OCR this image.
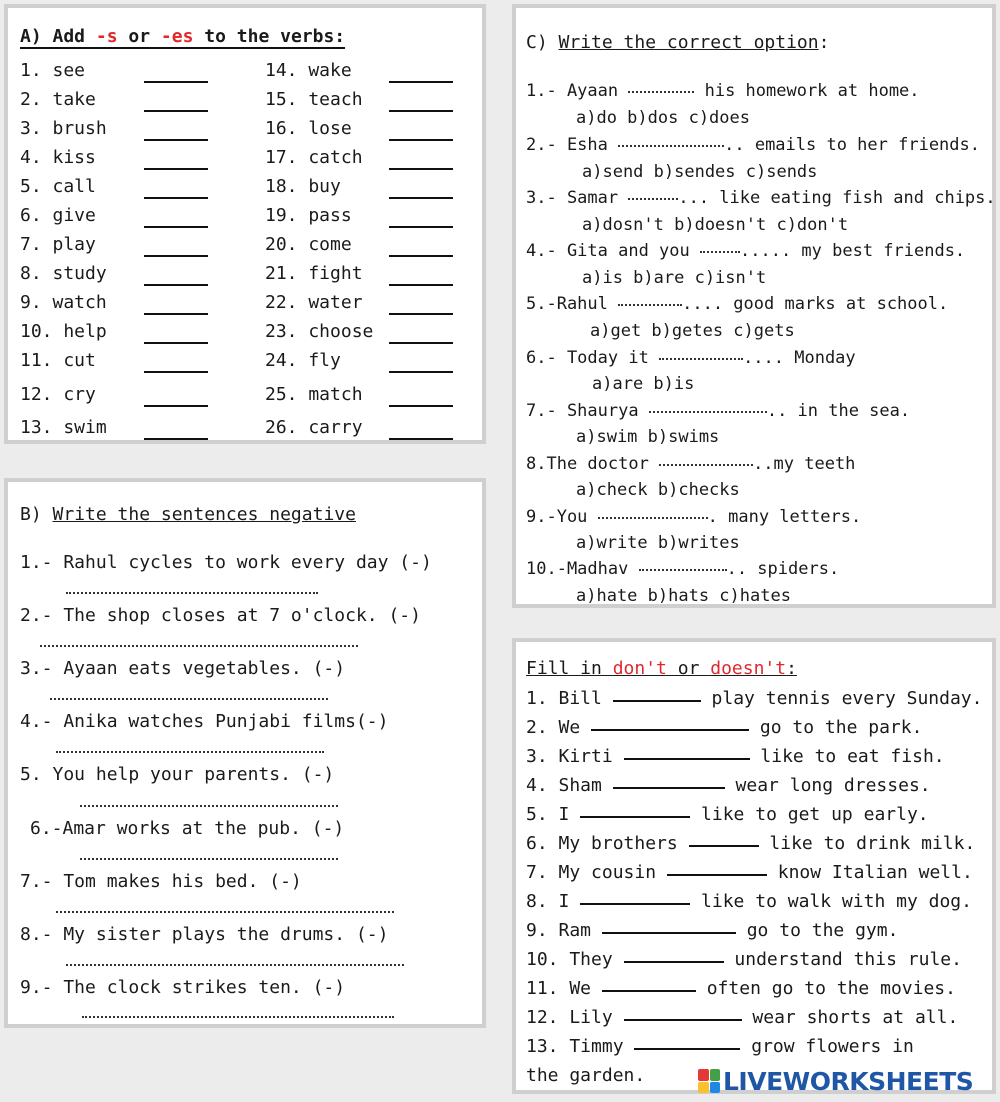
A) Add -s or -es to the verbs:
1. see
2. take
3. brush
4. kiss
5. call
6. give
7. play
8. study
9. watch
10. help
11. cut
12. cry
13. swim
14. wake
15. teach
16. lose
17. catch
18. buy
19. pass
20. come
21. fight
22. water
23. choose
24. fly
25. match
26. carry
B) Write the sentences negative
1.- Rahul cycles to work every day (-)
2.- The shop closes at 7 o'clock. (-)
3.- Ayaan eats vegetables. (-)
4.- Anika watches Punjabi films(-)
5. You help your parents. (-)
6.-Amar works at the pub. (-)
7.- Tom makes his bed. (-)
8.- My sister plays the drums. (-)
9.- The clock strikes ten. (-)
C) Write the correct option:
1.- Ayaan	his homework at home.
a)do b)dos c)does
2.- Esha	.. emails to her friends.
a)send b)sendes c)sends
3.- Samar	... like eating fish and chips.
a)dosn't b)doesn't c)don't
4.- Gita and you ..... my best friends.
a)is b)are c)isn't
5.-Rahul	.... good marks at school.
a)get b)getes c)gets
6.- Today it	.... Monday
a)are b)is
7.- Shaurya	.. in the sea.
a)swim b)swims
8.The doctor	..my teeth
a)check b)checks
9.-You	. many letters.
a)write b)writes
10.-Madhav	.. spiders.
a)hate b)hats c)hates
Fill in don't or doesn't:
1. Bill	play tennis every Sunday.
2. We	go to the park.
3. Kirti	like to eat fish.
4. Sham	wear long dresses.
5. I	like to get up early.
6. My brothers	like to drink milk.
7. My cousin	know Italian well.
8. I	like to walk with my dog.
9. Ram	go to the gym.
10. They	understand this rule.
11. We	often go to the movies.
12. Lily	wear shorts at all.
13. Timmy	grow flowers in
the garden.	LIVEWORKSHEETS
